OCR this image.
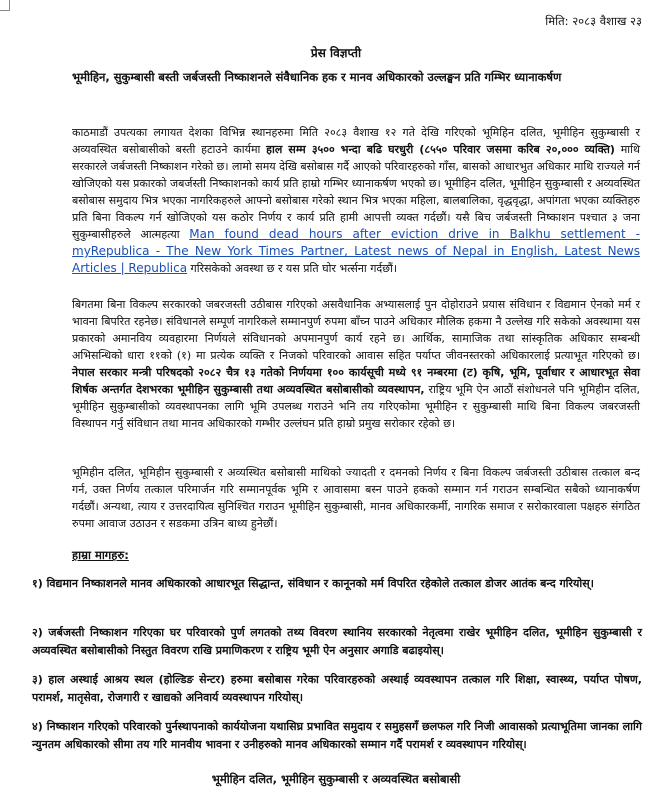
मिति: २०८३ वैशाख २३
प्रेस विज्ञप्ती
भूमीहिन, सुकुम्बासी बस्ती जर्बजस्ती निष्काशनले संवैधानिक हक र मानव अधिकारको उल्लङ्घन प्रति गम्भिर ध्यानाकर्षण
काठमाडौं उपत्यका लगायत देशका विभिन्न स्थानहरुमा मिति २०८३ वैशाख १२ गते देखि गरिएको भूमिहिन दलित, भूमीहिन सुकुम्बासी र अव्यवस्थित बसोबासीको बस्ती हटाउने कार्यमा हाल सम्म ३५०० भन्दा बढि घरधुरी (८५५० परिवार जसमा करिब २०,००० व्यक्ति) माथि सरकारले जर्बजस्ती निष्काशन गरेको छ। लामो समय देखि बसोबास गर्दै आएको परिवारहरुको गाँस, बासको आधारभुत अधिकार माथि राज्यले गर्न खोजिएको यस प्रकारको जबर्जस्ती निष्काशनको कार्य प्रति हाम्रो गम्भिर ध्यानाकर्षण भएको छ। भूमीहिन दलित, भूमीहिन सुकुम्बासी र अव्यवस्थित बसोबास समुदाय भित्र भएका नागरिकहरुले आफ्नो बसोबास गरेको स्थान भित्र भएका महिला, बालबालिका, वृद्धवृद्धा, अपांगता भएका व्यक्तिहरु प्रति बिना विकल्प गर्न खोजिएको यस कठोर निर्णय र कार्य प्रति हामी आपत्ती व्यक्त गर्दछौं। यसै बिच जर्बजस्ती निष्काशन पश्चात ३ जना सुकुम्बासीहरुले आत्महत्या Man found dead hours after eviction drive in Balkhu settlement - myRepublica - The New York Times Partner, Latest news of Nepal in English, Latest News Articles | Republica गरिसकेको अवस्था छ र यस प्रति घोर भर्त्सना गर्दछौं।
बिगतमा बिना विकल्प सरकारको जबरजस्ती उठीबास गरिएको असवैधानिक अभ्यासलाई पुन दोहोराउने प्रयास संविधान र विद्यमान ऐनको मर्म र भावना बिपरित रहनेछ। संविधानले सम्पूर्ण नागरिकले सम्मानपुर्ण रुपमा बाँच्न पाउने अधिकार मौलिक हकमा नै उल्लेख गरि सकेको अवस्थामा यस प्रकारको अमानविय व्यवहारमा निर्णयले संविधानको अपमानपुर्ण कार्य रहने छ। आर्थिक, सामाजिक तथा सांस्कृतिक अधिकार सम्बन्धी अभिसन्धिको धारा ११को (१) मा प्रत्येक व्यक्ति र निजको परिवारको आवास सहित पर्याप्त जीवनस्तरको अधिकारलाई प्रत्याभूत गरिएको छ। नेपाल सरकार मन्त्री परिषदको २०८२ चैत्र १३ गतेको निर्णयमा १०० कार्यसूची मध्ये ९१ नम्बरमा (ट) कृषि, भूमि, पूर्वाधार र आधारभूत सेवा शिर्षक अन्तर्गत देशभरका भूमीहिन सुकुम्बासी तथा अव्यवस्थित बसोबासीको व्यवस्थापन, राष्ट्रिय भूमि ऐन आठौं संशोधनले पनि भूमिहीन दलित, भूमीहिन सुकुम्बासीको व्यवस्थापनका लागि भूमि उपलब्ध गराउने भनि तय गरिएकोमा भूमीहिन र सुकुम्बासी माथि बिना विकल्प जबरजस्ती विस्थापन गर्नु संविधान तथा मानव अधिकारको गम्भीर उल्लंघन प्रति हाम्रो प्रमुख सरोकार रहेको छ।
भूमिहीन दलित, भूमिहीन सुकुम्बासी र अव्यस्थित बसोबासी माथिको ज्यादती र दमनको निर्णय र बिना विकल्प जर्बजस्ती उठीबास तत्काल बन्द गर्न, उक्त निर्णय तत्काल परिमार्जन गरि सम्मानपूर्वक भूमि र आवासमा बस्न पाउने हकको सम्मान गर्न गराउन सम्बन्धित सबैको ध्यानाकर्षण गर्दछौं। अन्यथा, त्याय र उत्तरदायित्व सुनिश्चित गराउन भूमीहिन सुकुम्बासी, मानव अधिकारकर्मी, नागरिक समाज र सरोकारवाला पक्षहरु संगठित रुपमा आवाज उठाउन र सडकमा उत्रिन बाध्य हुनेछौं।
हाम्रा मागहरु:
१) विद्यमान निष्काशनले मानव अधिकारको आधारभूत सिद्धान्त, संविधान र कानूनको मर्म विपरित रहेकोले तत्काल डोजर आतंक बन्द गरियोस्।
२) जर्बजस्ती निष्काशन गरिएका घर परिवारको पुर्ण लगतको तथ्य विवरण स्थानिय सरकारको नेतृत्वमा राखेर भूमीहिन दलित, भूमीहिन सुकुम्बासी र अव्यवस्थित बसोबासीको निस्तुत विवरण राखि प्रमाणिकरण र राष्ट्रिय भूमी ऐन अनुसार अगाडि बढाइयोस्।
३) हाल अस्थाई आश्रय स्थल (होल्डिङ सेन्टर) हरुमा बसोबास गरेका परिवारहरुको अस्थाई व्यवस्थापन तत्काल गरि शिक्षा, स्वास्थ्य, पर्याप्त पोषण, परामर्श, मातृसेवा, रोजगारी र खाद्यको अनिवार्य व्यवस्थापन गरियोस्।
४) निष्काशन गरिएको परिवारको पुर्नस्थापनाको कार्ययोजना यथासिघ्र प्रभावित समुदाय र समुहसगँ छलफल गरि निजी आवासको प्रत्याभूतिमा जानका लागि न्युनतम अधिकारको सीमा तय गरि मानवीय भावना र उनीहरुको मानव अधिकारको सम्मान गर्दै परामर्श र व्यवस्थापन गरियोस्।
भूमीहिन दलित, भूमीहिन सुकुम्बासी र अव्यवस्थित बसोबासी
